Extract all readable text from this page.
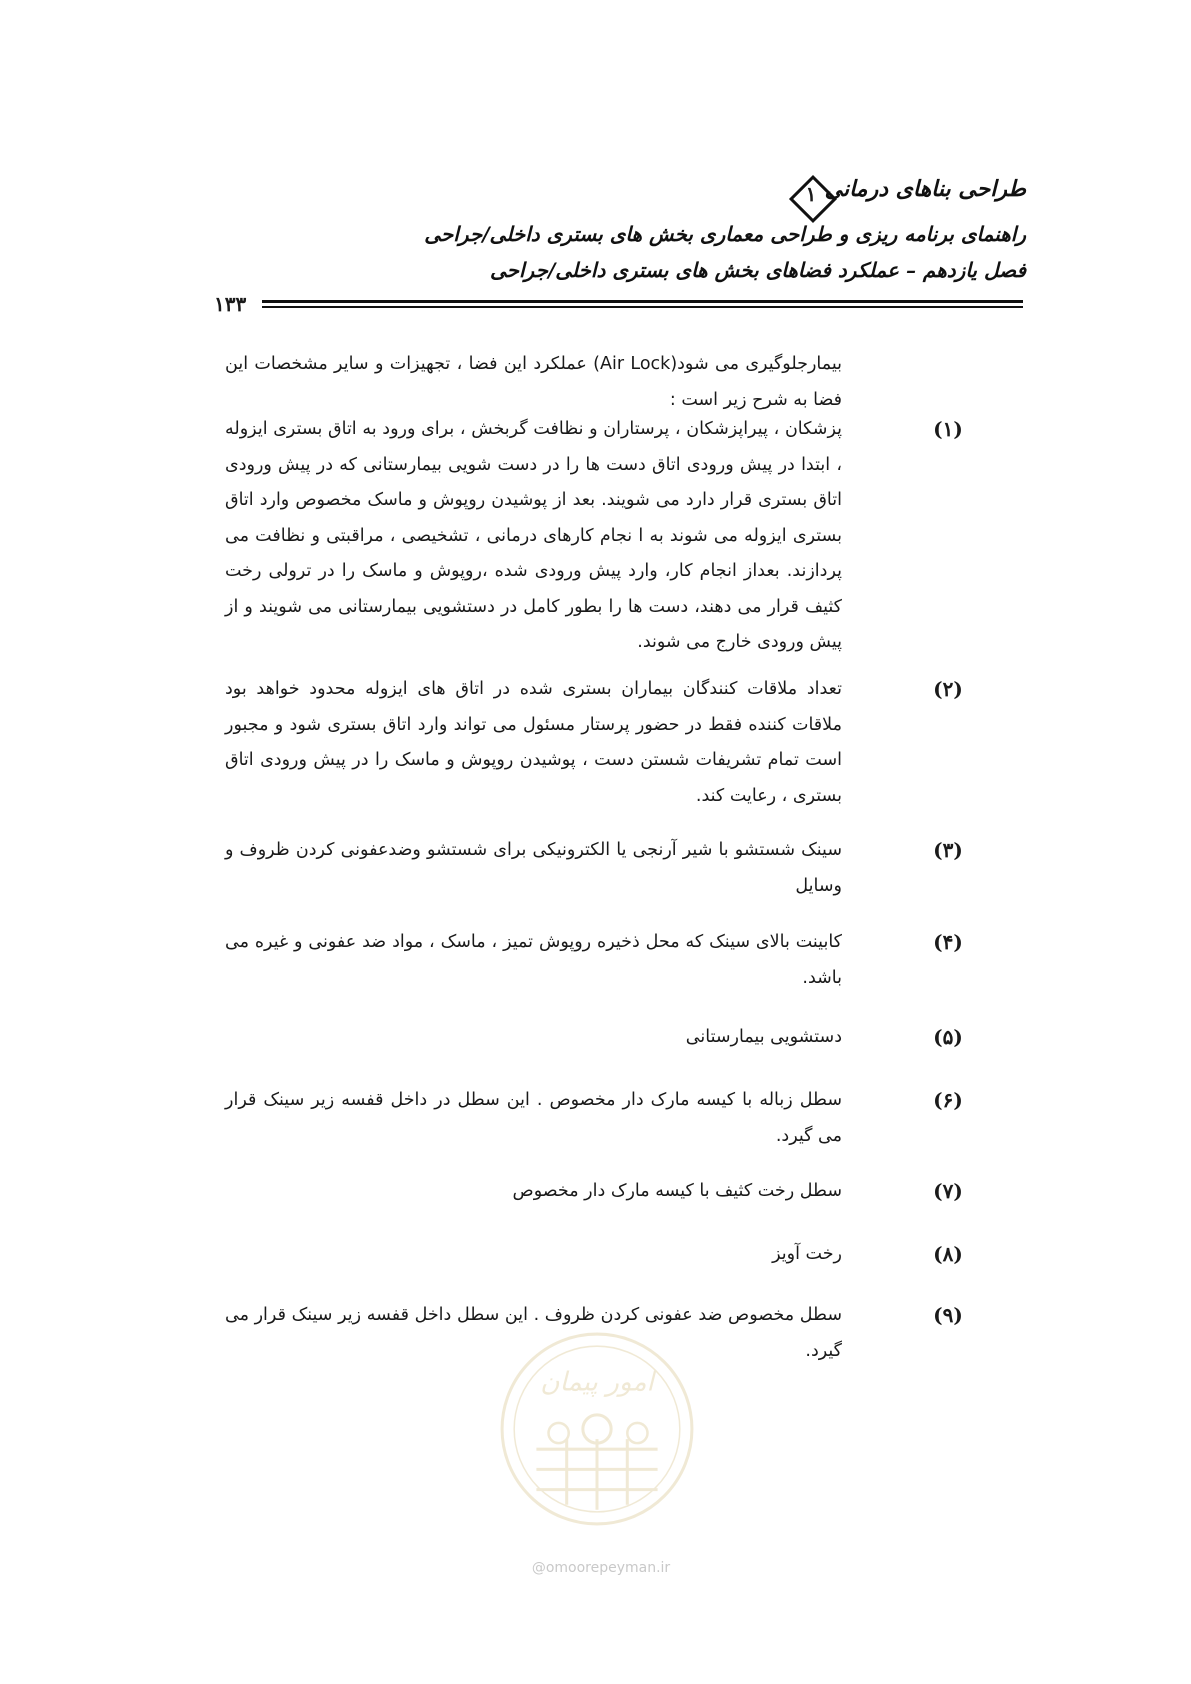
طراحی بناهای درمانی
۱
راهنمای برنامه ریزی و طراحی معماری بخش های بستری داخلی/جراحی
فصل یازدهم – عملکرد فضاهای بخش های بستری داخلی/جراحی
۱۳۳
بیمارجلوگیری می شود(Air Lock) عملکرد این فضا ، تجهیزات و سایر مشخصات این فضا به شرح زیر است :
(۱)
پزشکان ، پیراپزشکان ، پرستاران و نظافت گربخش ، برای ورود به اتاق بستری ایزوله ، ابتدا در پیش ورودی اتاق دست ها را در دست شویی بیمارستانی که در پیش ورودی اتاق بستری قرار دارد می شویند. بعد از پوشیدن روپوش و ماسک مخصوص وارد اتاق بستری ایزوله می شوند به ا نجام کارهای درمانی ، تشخیصی ، مراقبتی و نظافت می پردازند. بعداز انجام کار، وارد پیش ورودی شده ،روپوش و ماسک را در ترولی رخت کثیف قرار می دهند، دست ها را بطور کامل در دستشویی بیمارستانی می شویند و از پیش ورودی خارج می شوند.
(۲)
تعداد ملاقات کنندگان بیماران بستری شده در اتاق های ایزوله محدود خواهد بود ملاقات کننده فقط در حضور پرستار مسئول می تواند وارد اتاق بستری شود و مجبور است تمام تشریفات شستن دست ، پوشیدن روپوش و ماسک را در پیش ورودی اتاق بستری ، رعایت کند.
(۳)
سینک شستشو با شیر آرنجی یا الکترونیکی برای شستشو وضدعفونی کردن ظروف و وسایل
(۴)
کابینت بالای سینک که محل ذخیره روپوش تمیز ، ماسک ، مواد ضد عفونی و غیره می باشد.
(۵)
دستشویی بیمارستانی
(۶)
سطل زباله با کیسه مارک دار مخصوص . این سطل در داخل قفسه زیر سینک قرار می گیرد.
(۷)
سطل رخت کثیف با کیسه مارک دار مخصوص
(۸)
رخت آویز
(۹)
سطل مخصوص ضد عفونی کردن ظروف . این سطل داخل قفسه زیر سینک قرار می گیرد.
امور پیمان
@omoorepeyman.ir
